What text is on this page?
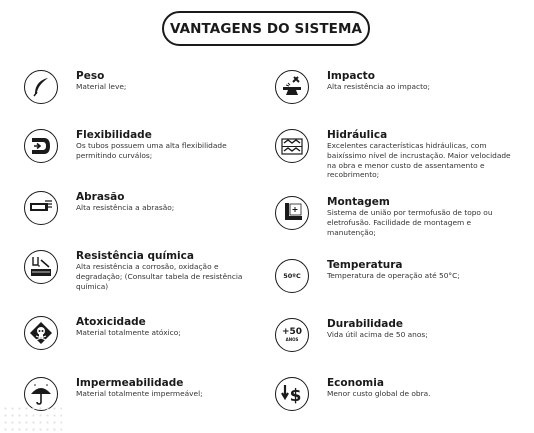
VANTAGENS DO SISTEMA
Peso
Material leve;
Flexibilidade
Os tubos possuem uma alta flexibilidade permitindo curválos;
Abrasão
Alta resistência a abrasão;
Resistência química
Alta resistência a corrosão, oxidação e degradação; (Consultar tabela de resistência química)
Atoxicidade
Material totalmente atóxico;
Impermeabilidade
Material totalmente impermeável;
Impacto
Alta resistência ao impacto;
Hidráulica
Excelentes características hidráulicas, com baixíssimo nível de incrustação. Maior velocidade na obra e menor custo de assentamento e recobrimento;
Montagem
Sistema de união por termofusão de topo ou eletrofusão. Facilidade de montagem e manutenção;
50ºC
Temperatura
Temperatura de operação até 50°C;
+50
ANOS
Durabilidade
Vida útil acima de 50 anos;
$
Economia
Menor custo global de obra.
